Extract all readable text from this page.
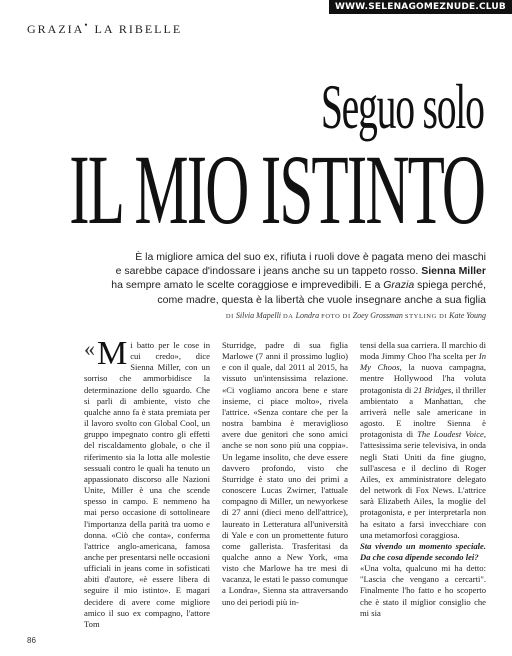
WWW.SELENAGOMEZNUDE.CLUB
GRAZIA• LA RIBELLE
Seguo solo
IL MIO ISTINTO
È la migliore amica del suo ex, rifiuta i ruoli dove è pagata meno dei maschi
e sarebbe capace d'indossare i jeans anche su un tappeto rosso. Sienna Miller
ha sempre amato le scelte coraggiose e imprevedibili. E a Grazia spiega perché,
come madre, questa è la libertà che vuole insegnare anche a sua figlia
DI Silvia Mapelli DA Londra FOTO DI Zoey Grossman STYLING DI Kate Young

« M i batto per le cose in cui credo», dice Sienna Miller, con un sorriso che ammorbidisce la determinazione dello sguardo. Che si parli di ambiente, visto che qualche anno fa è stata premiata per il lavoro svolto con Global Cool, un gruppo impegnato contro gli effetti del riscaldamento globale, o che il riferimento sia la lotta alle molestie sessuali contro le quali ha tenuto un appassionato discorso alle Nazioni Unite, Miller è una che scende spesso in campo. E nemmeno ha mai perso occasione di sottolineare l'importanza della parità tra uomo e donna. «Ciò che conta», conferma l'attrice anglo-americana, famosa anche per presentarsi nelle occasioni ufficiali in jeans come in sofisticati abiti d'autore, «è essere libera di seguire il mio istinto». E magari decidere di avere come migliore amico il suo ex compagno, l'attore Tom

Sturridge, padre di sua figlia Marlowe (7 anni il prossimo luglio) e con il quale, dal 2011 al 2015, ha vissuto un'intensissima relazione. «Ci vogliamo ancora bene e stare insieme, ci piace molto», rivela l'attrice. «Senza contare che per la nostra bambina è meraviglioso avere due genitori che sono amici anche se non sono più una coppia». Un legame insolito, che deve essere davvero profondo, visto che Sturridge è stato uno dei primi a conoscere Lucas Zwirner, l'attuale compagno di Miller, un newyorkese di 27 anni (dieci meno dell'attrice), laureato in Letteratura all'università di Yale e con un promettente futuro come gallerista. Trasferitasi da qualche anno a New York, «ma visto che Marlowe ha tre mesi di vacanza, le estati le passo comunque a Londra», Sienna sta attraversando uno dei periodi più in-

tensi della sua carriera. Il marchio di moda Jimmy Choo l'ha scelta per In My Choos, la nuova campagna, mentre Hollywood l'ha voluta protagonista di 21 Bridges, il thriller ambientato a Manhattan, che arriverà nelle sale americane in agosto. E inoltre Sienna è protagonista di The Loudest Voice, l'attesissima serie televisiva, in onda negli Stati Uniti da fine giugno, sull'ascesa e il declino di Roger Ailes, ex amministratore delegato del network di Fox News. L'attrice sarà Elizabeth Ailes, la moglie del protagonista, e per interpretarla non ha esitato a farsi invecchiare con una metamorfosi coraggiosa.

Sta vivendo un momento speciale. Da che cosa dipende secondo lei?

«Una volta, qualcuno mi ha detto: "Lascia che vengano a cercarti". Finalmente l'ho fatto e ho scoperto che è stato il miglior consiglio che mi sia

86
